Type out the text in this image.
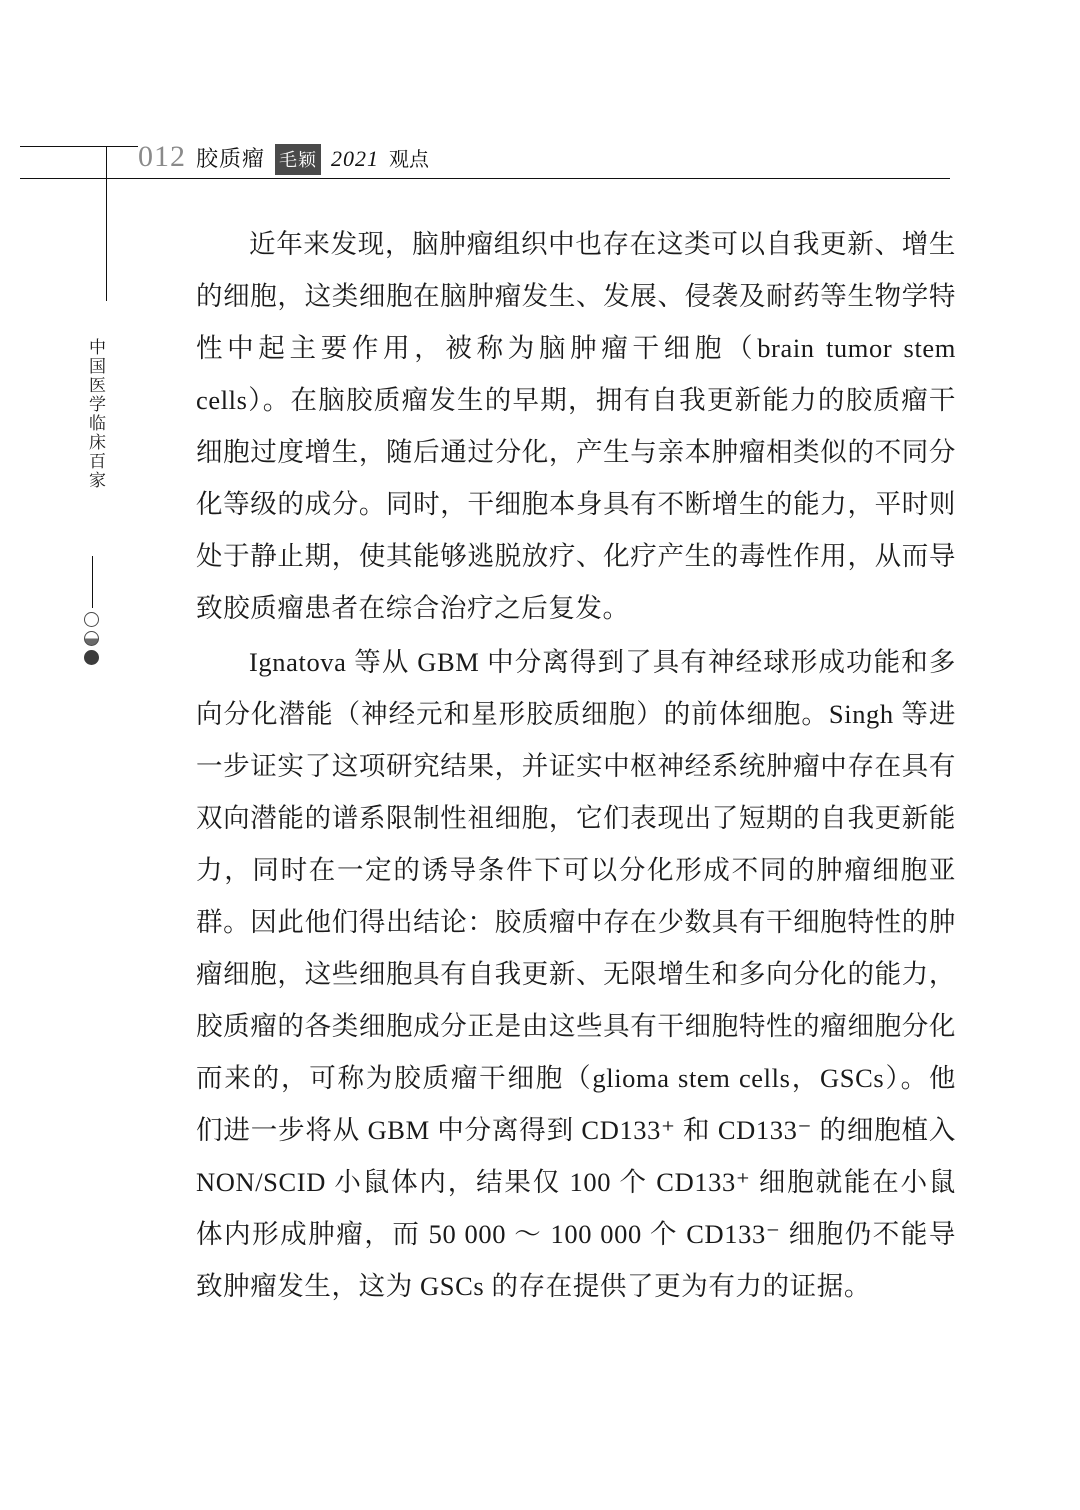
012 胶质瘤 毛颖 2021 观点
中国医学临床百家

近年来发现，脑肿瘤组织中也存在这类可以自我更新、增生的细胞，这类细胞在脑肿瘤发生、发展、侵袭及耐药等生物学特性中起主要作用，被称为脑肿瘤干细胞（brain tumor stem cells）。在脑胶质瘤发生的早期，拥有自我更新能力的胶质瘤干细胞过度增生，随后通过分化，产生与亲本肿瘤相类似的不同分化等级的成分。同时，干细胞本身具有不断增生的能力，平时则处于静止期，使其能够逃脱放疗、化疗产生的毒性作用，从而导致胶质瘤患者在综合治疗之后复发。

Ignatova 等从 GBM 中分离得到了具有神经球形成功能和多向分化潜能（神经元和星形胶质细胞）的前体细胞。Singh 等进一步证实了这项研究结果，并证实中枢神经系统肿瘤中存在具有双向潜能的谱系限制性祖细胞，它们表现出了短期的自我更新能力，同时在一定的诱导条件下可以分化形成不同的肿瘤细胞亚群。因此他们得出结论：胶质瘤中存在少数具有干细胞特性的肿瘤细胞，这些细胞具有自我更新、无限增生和多向分化的能力，胶质瘤的各类细胞成分正是由这些具有干细胞特性的瘤细胞分化而来的，可称为胶质瘤干细胞（glioma stem cells，GSCs）。他们进一步将从 GBM 中分离得到 CD133⁺ 和 CD133⁻ 的细胞植入 NON/SCID 小鼠体内，结果仅 100 个 CD133⁺ 细胞就能在小鼠体内形成肿瘤，而 50 000 ～ 100 000 个 CD133⁻ 细胞仍不能导致肿瘤发生，这为 GSCs 的存在提供了更为有力的证据。
